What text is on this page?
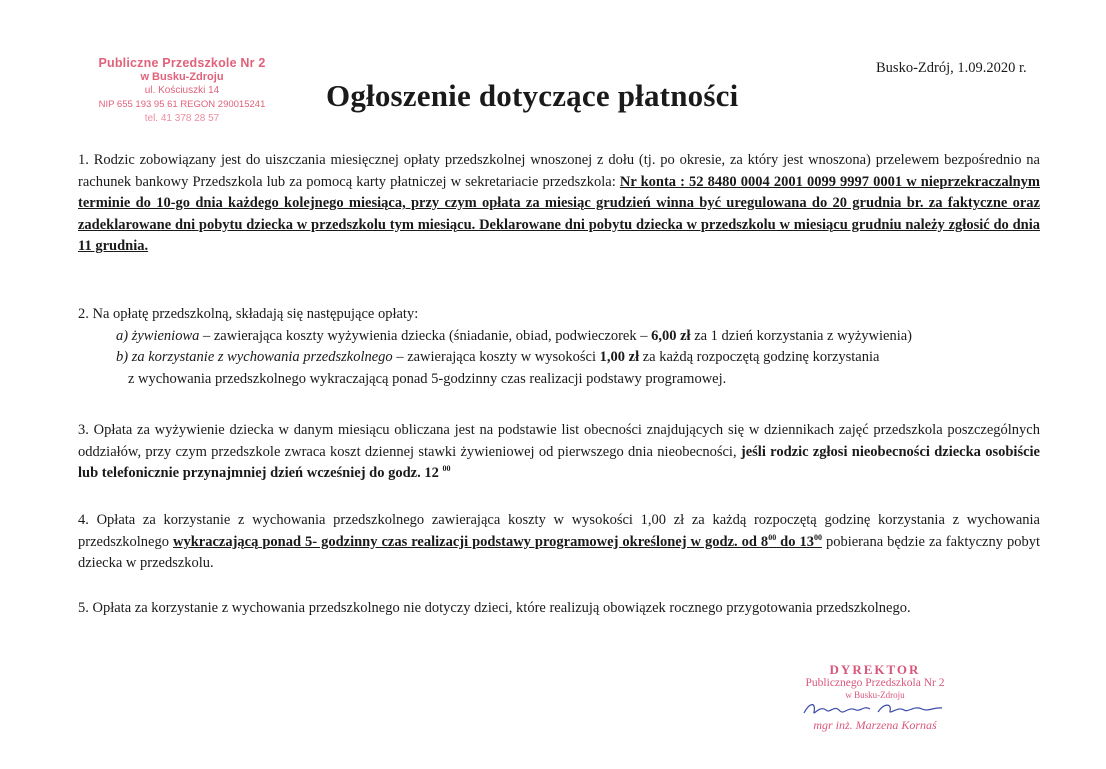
Publiczne Przedszkole Nr 2
w Busku-Zdroju
ul. Kościuszki 14
NIP 655 193 95 61 REGON 290015241
tel. 41 378 28 57
Busko-Zdrój, 1.09.2020 r.
Ogłoszenie dotyczące płatności

1. Rodzic zobowiązany jest do uiszczania miesięcznej opłaty przedszkolnej wnoszonej z dołu (tj. po okresie, za który jest wnoszona) przelewem bezpośrednio na rachunek bankowy Przedszkola lub za pomocą karty płatniczej w sekretariacie przedszkola: Nr konta : 52 8480 0004 2001 0099 9997 0001 w nieprzekraczalnym terminie do 10-go dnia każdego kolejnego miesiąca, przy czym opłata za miesiąc grudzień winna być uregulowana do 20 grudnia br. za faktyczne oraz zadeklarowane dni pobytu dziecka w przedszkolu tym miesiącu. Deklarowane dni pobytu dziecka w przedszkolu w miesiącu grudniu należy zgłosić do dnia 11 grudnia.

2. Na opłatę przedszkolną, składają się następujące opłaty:
a) żywieniowa – zawierająca koszty wyżywienia dziecka (śniadanie, obiad, podwieczorek – 6,00 zł za 1 dzień korzystania z wyżywienia)
b) za korzystanie z wychowania przedszkolnego – zawierająca koszty w wysokości 1,00 zł za każdą rozpoczętą godzinę korzystania
z wychowania przedszkolnego wykraczającą ponad 5-godzinny czas realizacji podstawy programowej.

3. Opłata za wyżywienie dziecka w danym miesiącu obliczana jest na podstawie list obecności znajdujących się w dziennikach zajęć przedszkola poszczególnych oddziałów, przy czym przedszkole zwraca koszt dziennej stawki żywieniowej od pierwszego dnia nieobecności, jeśli rodzic zgłosi nieobecności dziecka osobiście lub telefonicznie przynajmniej dzień wcześniej do godz. 12 $^{00}$

4. Opłata za korzystanie z wychowania przedszkolnego zawierająca koszty w wysokości 1,00 zł za każdą rozpoczętą godzinę korzystania z wychowania przedszkolnego wykraczającą ponad 5- godzinny czas realizacji podstawy programowej określonej w godz. od $8^{00}$ do $13^{00}$ pobierana będzie za faktyczny pobyt dziecka w przedszkolu.

5. Opłata za korzystanie z wychowania przedszkolnego nie dotyczy dzieci, które realizują obowiązek rocznego przygotowania przedszkolnego.

DYREKTOR
Publicznego Przedszkola Nr 2
w Busku-Zdroju
mgr inż. Marzena Kornaś
